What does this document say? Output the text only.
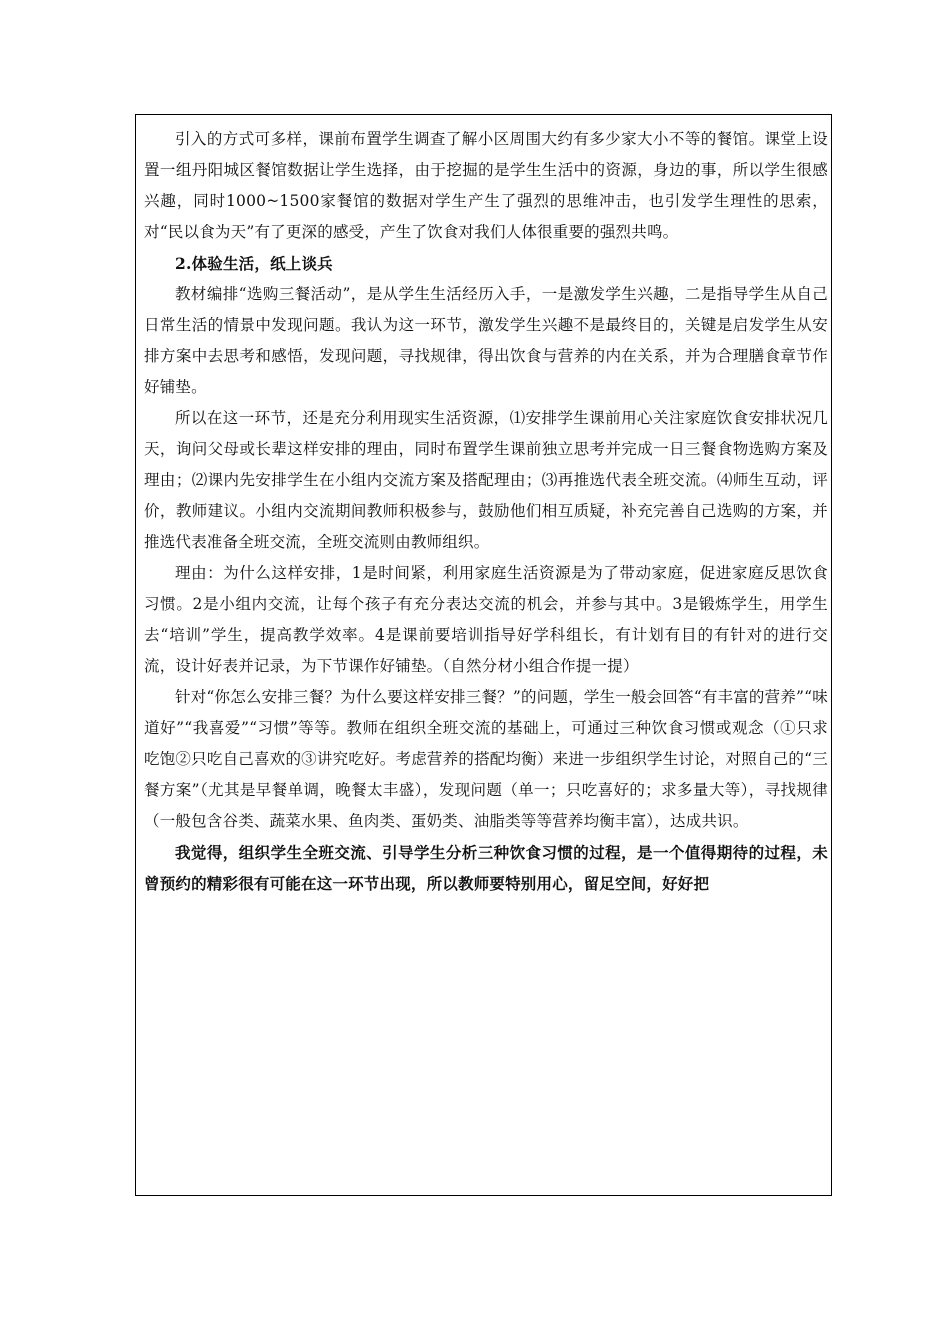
引入的方式可多样，课前布置学生调查了解小区周围大约有多少家大小不等的餐馆。课堂上设置一组丹阳城区餐馆数据让学生选择，由于挖掘的是学生生活中的资源，身边的事，所以学生很感兴趣，同时1000~1500家餐馆的数据对学生产生了强烈的思维冲击，也引发学生理性的思索，对“民以食为天”有了更深的感受，产生了饮食对我们人体很重要的强烈共鸣。

2.体验生活，纸上谈兵

教材编排“选购三餐活动”，是从学生生活经历入手，一是激发学生兴趣，二是指导学生从自己日常生活的情景中发现问题。我认为这一环节，激发学生兴趣不是最终目的，关键是启发学生从安排方案中去思考和感悟，发现问题，寻找规律，得出饮食与营养的内在关系，并为合理膳食章节作好铺垫。

所以在这一环节，还是充分利用现实生活资源，⑴安排学生课前用心关注家庭饮食安排状况几天，询问父母或长辈这样安排的理由，同时布置学生课前独立思考并完成一日三餐食物选购方案及理由；⑵课内先安排学生在小组内交流方案及搭配理由；⑶再推选代表全班交流。⑷师生互动，评价，教师建议。小组内交流期间教师积极参与，鼓励他们相互质疑，补充完善自己选购的方案，并推选代表准备全班交流，全班交流则由教师组织。

理由：为什么这样安排，1是时间紧，利用家庭生活资源是为了带动家庭，促进家庭反思饮食习惯。2是小组内交流，让每个孩子有充分表达交流的机会，并参与其中。3是锻炼学生，用学生去“培训”学生，提高教学效率。4是课前要培训指导好学科组长，有计划有目的有针对的进行交流，设计好表并记录，为下节课作好铺垫。（自然分材小组合作提一提）

针对“你怎么安排三餐？为什么要这样安排三餐？”的问题，学生一般会回答“有丰富的营养”“味道好”“我喜爱”“习惯”等等。教师在组织全班交流的基础上，可通过三种饮食习惯或观念（①只求吃饱②只吃自己喜欢的③讲究吃好。考虑营养的搭配均衡）来进一步组织学生讨论，对照自己的“三餐方案”（尤其是早餐单调，晚餐太丰盛），发现问题（单一；只吃喜好的；求多量大等），寻找规律（一般包含谷类、蔬菜水果、鱼肉类、蛋奶类、油脂类等等营养均衡丰富），达成共识。

我觉得，组织学生全班交流、引导学生分析三种饮食习惯的过程，是一个值得期待的过程，未曾预约的精彩很有可能在这一环节出现，所以教师要特别用心，留足空间，好好把
